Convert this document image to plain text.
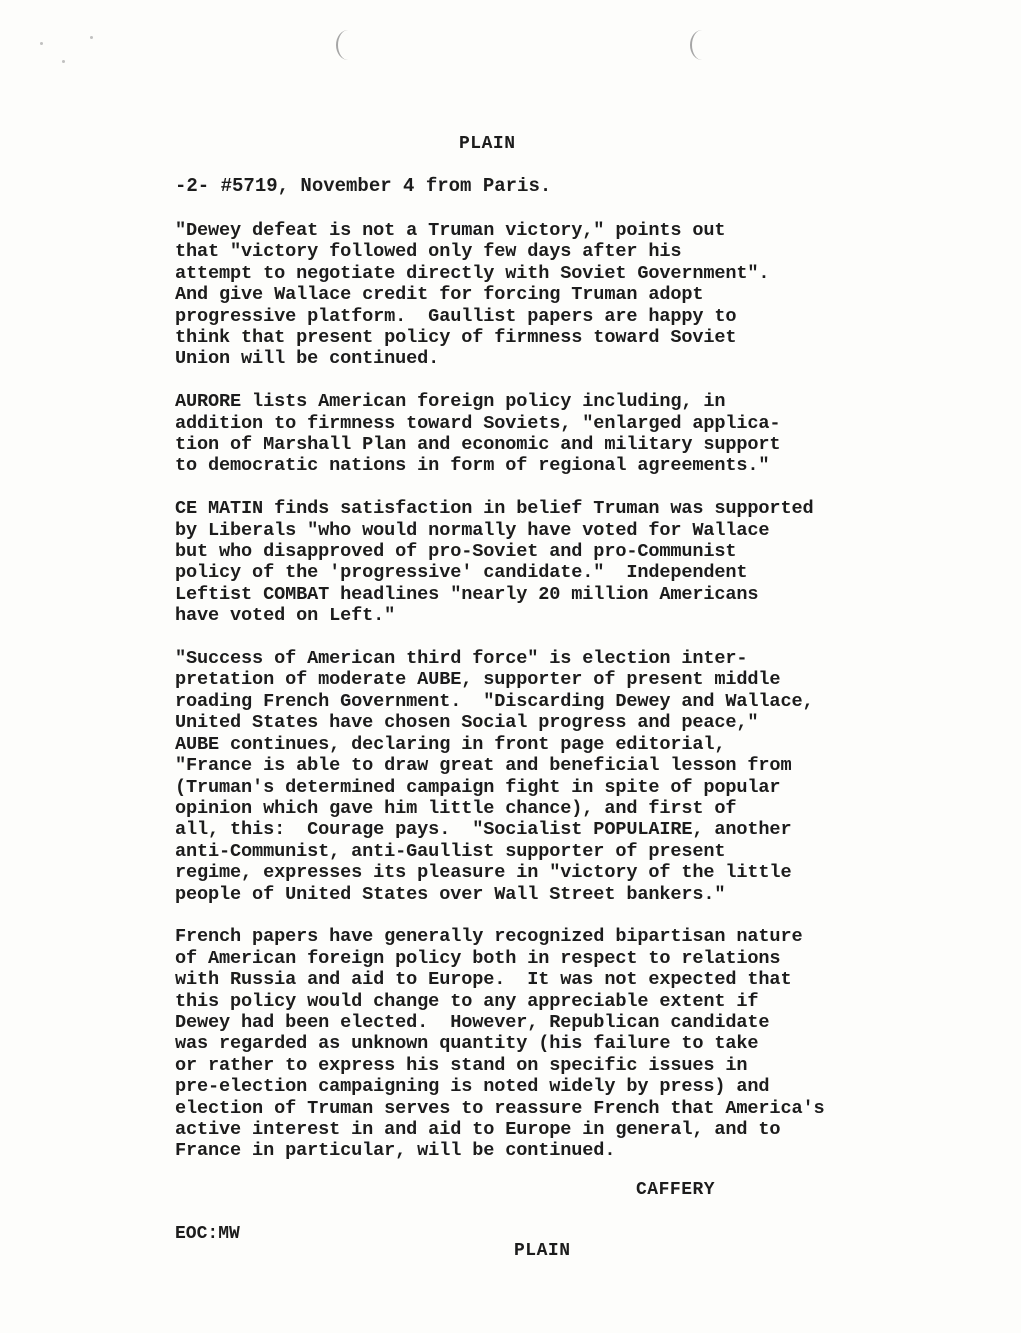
PLAIN
-2- #5719, November 4 from Paris.
"Dewey defeat is not a Truman victory," points out
that "victory followed only few days after his
attempt to negotiate directly with Soviet Government".
And give Wallace credit for forcing Truman adopt
progressive platform.  Gaullist papers are happy to
think that present policy of firmness toward Soviet
Union will be continued.
AURORE lists American foreign policy including, in
addition to firmness toward Soviets, "enlarged applica-
tion of Marshall Plan and economic and military support
to democratic nations in form of regional agreements."
CE MATIN finds satisfaction in belief Truman was supported
by Liberals "who would normally have voted for Wallace
but who disapproved of pro-Soviet and pro-Communist
policy of the 'progressive' candidate."  Independent
Leftist COMBAT headlines "nearly 20 million Americans
have voted on Left."
"Success of American third force" is election inter-
pretation of moderate AUBE, supporter of present middle
roading French Government.  "Discarding Dewey and Wallace,
United States have chosen Social progress and peace,"
AUBE continues, declaring in front page editorial,
"France is able to draw great and beneficial lesson from
(Truman's determined campaign fight in spite of popular
opinion which gave him little chance), and first of
all, this:  Courage pays.  "Socialist POPULAIRE, another
anti-Communist, anti-Gaullist supporter of present
regime, expresses its pleasure in "victory of the little
people of United States over Wall Street bankers."
French papers have generally recognized bipartisan nature
of American foreign policy both in respect to relations
with Russia and aid to Europe.  It was not expected that
this policy would change to any appreciable extent if
Dewey had been elected.  However, Republican candidate
was regarded as unknown quantity (his failure to take
or rather to express his stand on specific issues in
pre-election campaigning is noted widely by press) and
election of Truman serves to reassure French that America's
active interest in and aid to Europe in general, and to
France in particular, will be continued.
CAFFERY
EOC:MW
PLAIN
